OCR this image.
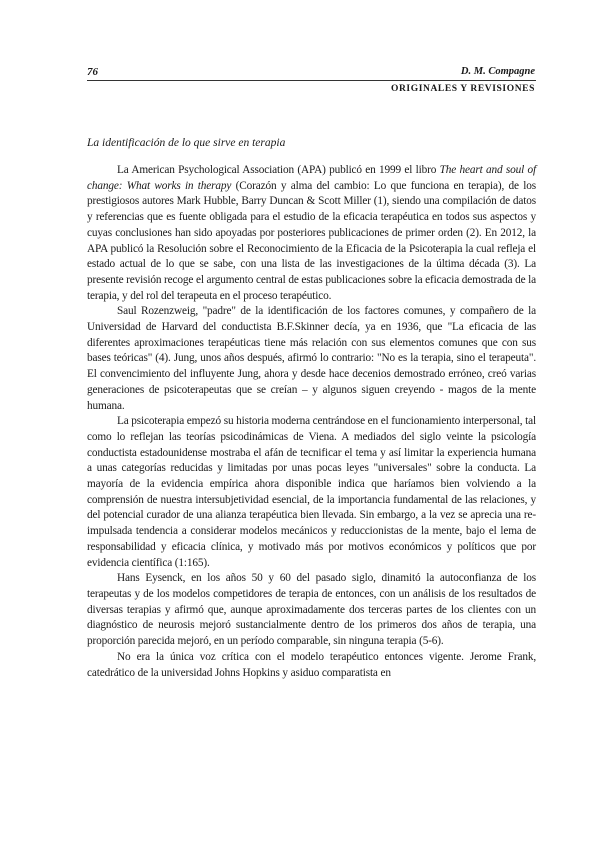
76	D. M. Compagne
ORIGINALES Y REVISIONES
La identificación de lo que sirve en terapia

La American Psychological Association (APA) publicó en 1999 el libro The heart and soul of change: What works in therapy (Corazón y alma del cambio: Lo que funciona en terapia), de los prestigiosos autores Mark Hubble, Barry Duncan & Scott Miller (1), siendo una compilación de datos y referencias que es fuente obligada para el estudio de la eficacia terapéutica en todos sus aspectos y cuyas conclusiones han sido apoyadas por posteriores publicaciones de primer orden (2). En 2012, la APA publicó la Resolución sobre el Reconocimiento de la Eficacia de la Psicoterapia la cual refleja el estado actual de lo que se sabe, con una lista de las investigaciones de la última década (3). La presente revisión recoge el argumento central de estas publicaciones sobre la eficacia demostrada de la terapia, y del rol del terapeuta en el proceso terapéutico.

Saul Rozenzweig, "padre" de la identificación de los factores comunes, y compañero de la Universidad de Harvard del conductista B.F.Skinner decía, ya en 1936, que "La eficacia de las diferentes aproximaciones terapéuticas tiene más relación con sus elementos comunes que con sus bases teóricas" (4). Jung, unos años después, afirmó lo contrario: "No es la terapia, sino el terapeuta". El convencimiento del influyente Jung, ahora y desde hace decenios demostrado erróneo, creó varias generaciones de psicoterapeutas que se creían – y algunos siguen creyendo - magos de la mente humana.

La psicoterapia empezó su historia moderna centrándose en el funcionamiento interpersonal, tal como lo reflejan las teorías psicodinámicas de Viena. A mediados del siglo veinte la psicología conductista estadounidense mostraba el afán de tecnificar el tema y así limitar la experiencia humana a unas categorías reducidas y limitadas por unas pocas leyes "universales" sobre la conducta. La mayoría de la evidencia empírica ahora disponible indica que haríamos bien volviendo a la comprensión de nuestra intersubjetividad esencial, de la importancia fundamental de las relaciones, y del potencial curador de una alianza terapéutica bien llevada. Sin embargo, a la vez se aprecia una re-impulsada tendencia a considerar modelos mecánicos y reduccionistas de la mente, bajo el lema de responsabilidad y eficacia clínica, y motivado más por motivos económicos y políticos que por evidencia científica (1:165).

Hans Eysenck, en los años 50 y 60 del pasado siglo, dinamitó la autoconfianza de los terapeutas y de los modelos competidores de terapia de entonces, con un análisis de los resultados de diversas terapias y afirmó que, aunque aproximadamente dos terceras partes de los clientes con un diagnóstico de neurosis mejoró sustancialmente dentro de los primeros dos años de terapia, una proporción parecida mejoró, en un período comparable, sin ninguna terapia (5-6).

No era la única voz crítica con el modelo terapéutico entonces vigente. Jerome Frank, catedrático de la universidad Johns Hopkins y asiduo comparatista en
